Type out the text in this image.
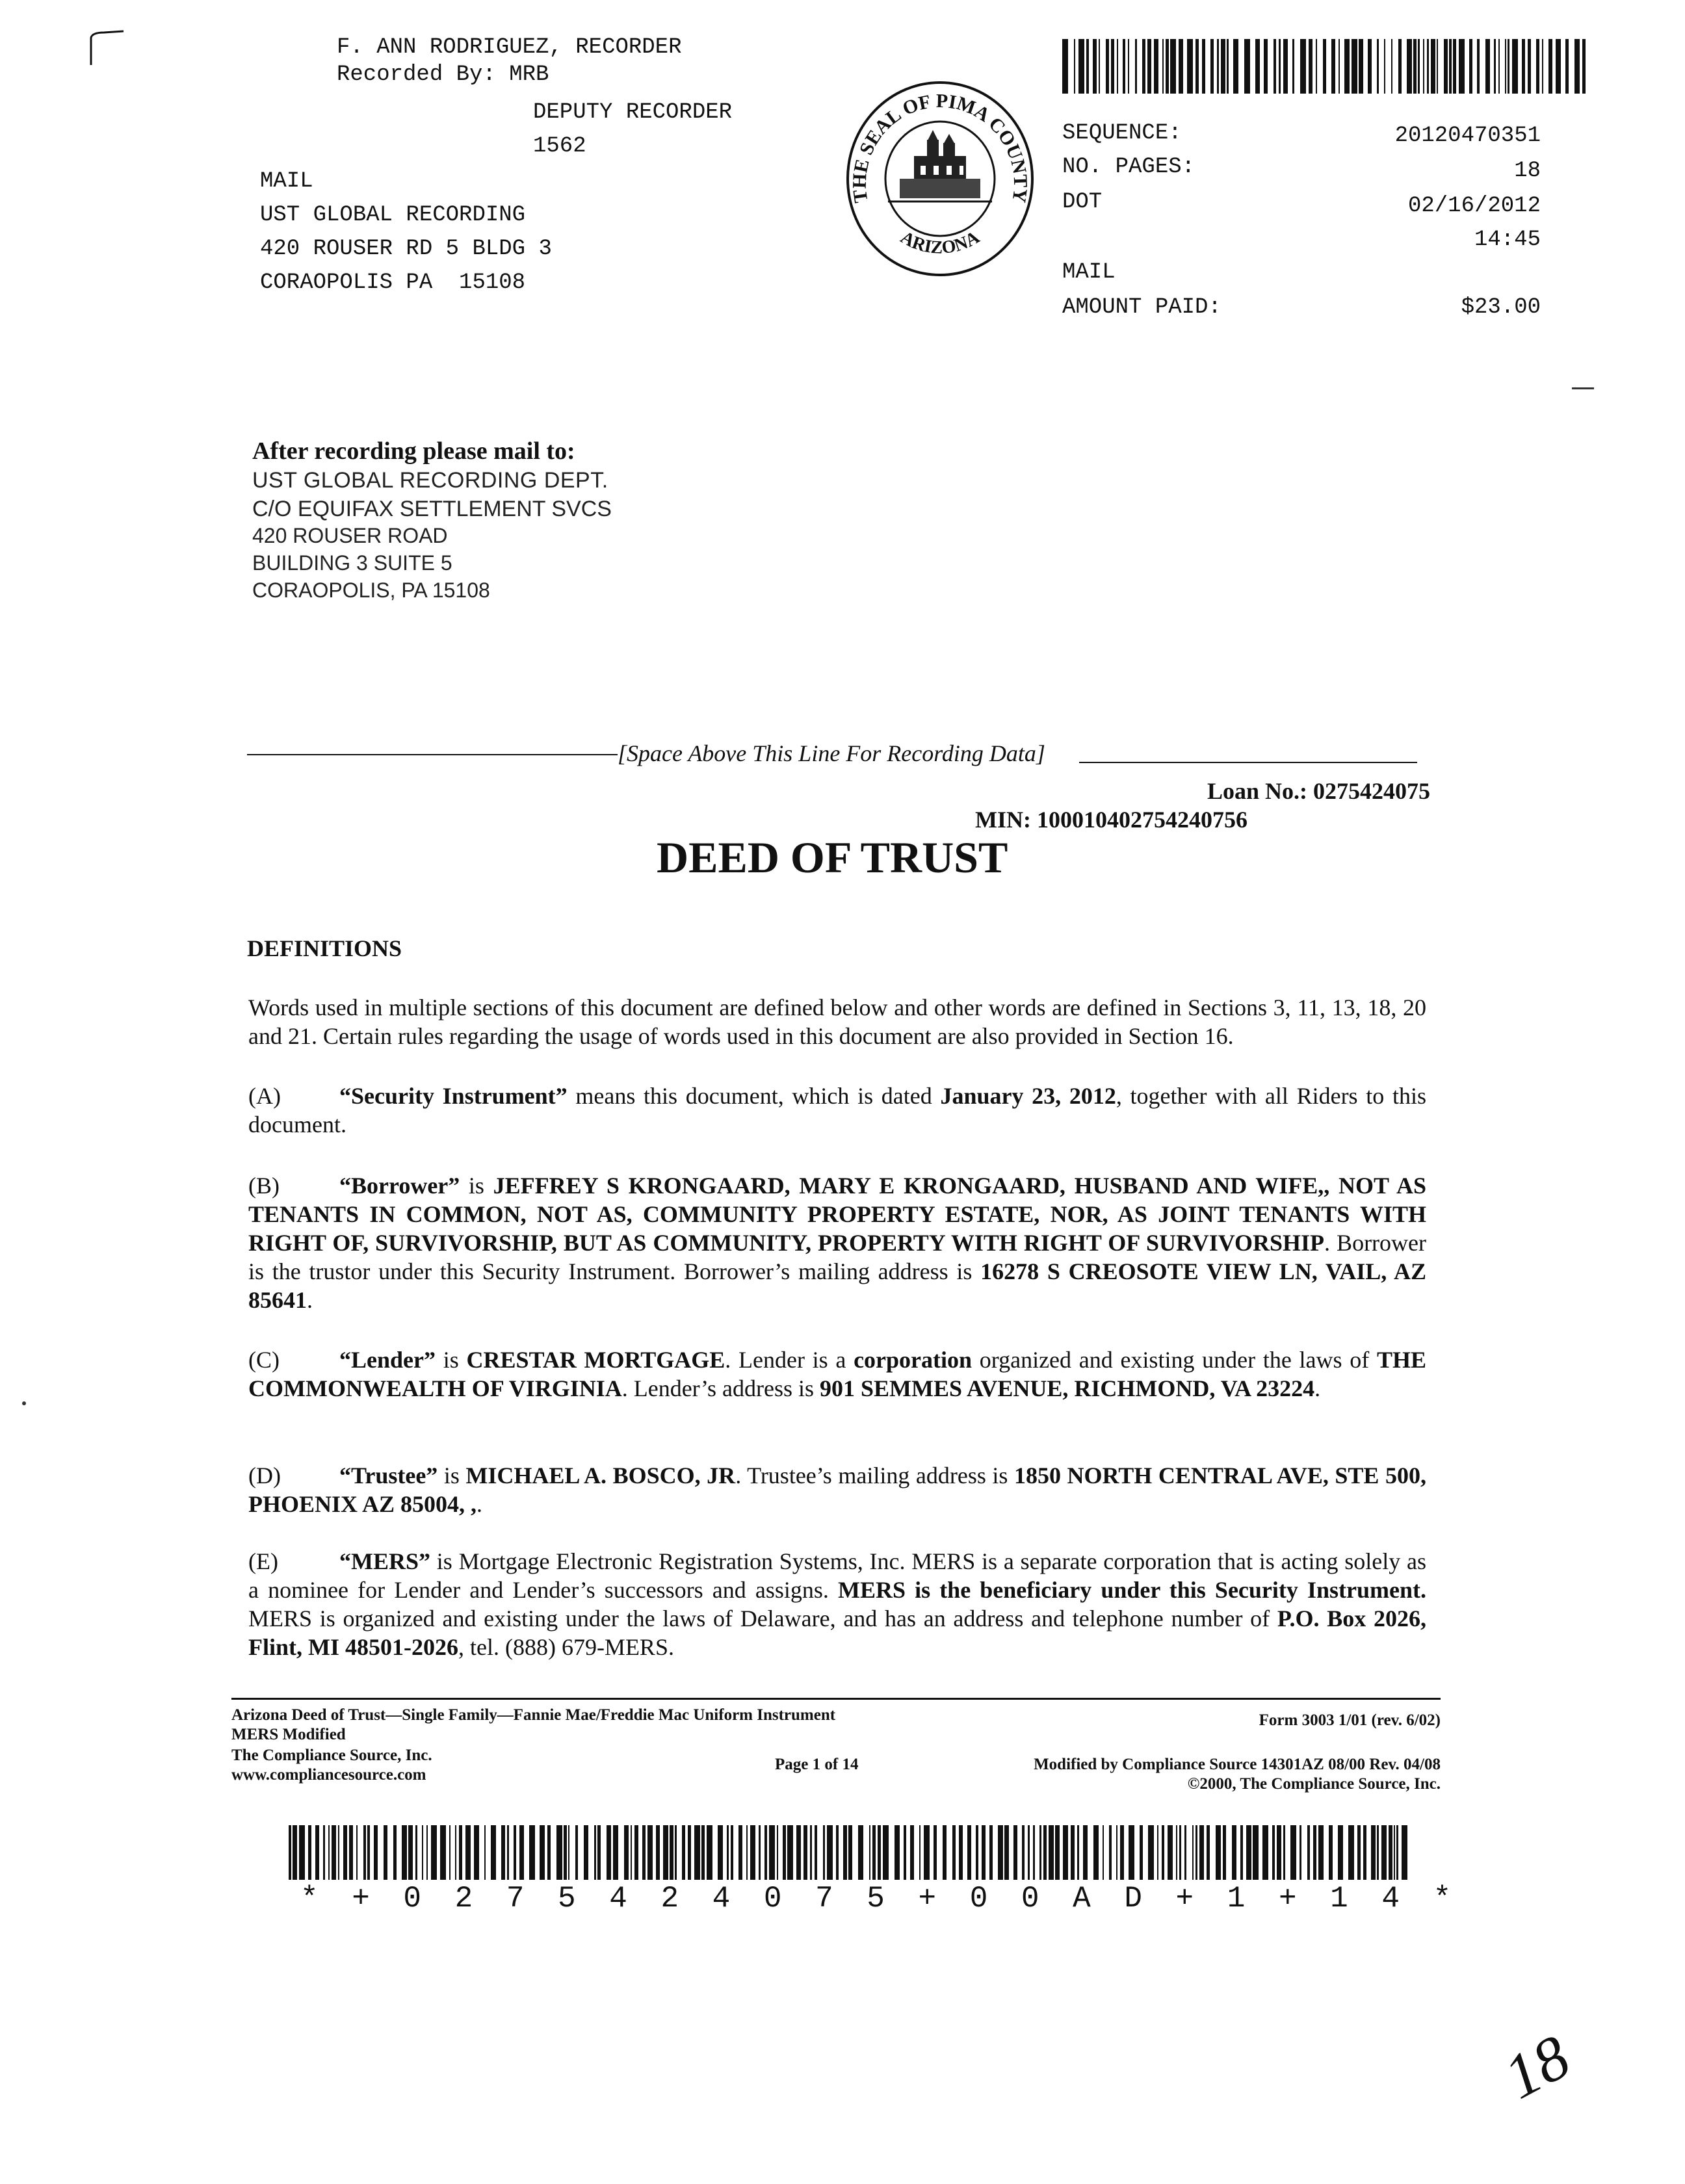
F. ANN RODRIGUEZ, RECORDER
Recorded By: MRB
DEPUTY RECORDER
1562
MAIL
UST GLOBAL RECORDING
420 ROUSER RD 5 BLDG 3
CORAOPOLIS PA  15108
THE SEAL OF PIMA COUNTY
ARIZONA
SEQUENCE:	20120470351
NO. PAGES:	18
DOT	02/16/2012
14:45
MAIL
AMOUNT PAID:	$23.00
After recording please mail to:
UST GLOBAL RECORDING DEPT.
C/O EQUIFAX SETTLEMENT SVCS
420 ROUSER ROAD
BUILDING 3 SUITE 5
CORAOPOLIS, PA 15108
[Space Above This Line For Recording Data]
Loan No.: 0275424075
MIN: 100010402754240756
DEED OF TRUST
DEFINITIONS

Words used in multiple sections of this document are defined below and other words are defined in Sections 3, 11, 13, 18, 20 and 21. Certain rules regarding the usage of words used in this document are also provided in Section 16.

(A)	“Security Instrument” means this document, which is dated January 23, 2012, together with all Riders to this document.

(B)	“Borrower” is JEFFREY S KRONGAARD, MARY E KRONGAARD, HUSBAND AND WIFE,, NOT AS TENANTS IN COMMON, NOT AS, COMMUNITY PROPERTY ESTATE, NOR, AS JOINT TENANTS WITH RIGHT OF, SURVIVORSHIP, BUT AS COMMUNITY, PROPERTY WITH RIGHT OF SURVIVORSHIP. Borrower is the trustor under this Security Instrument. Borrower’s mailing address is 16278 S CREOSOTE VIEW LN, VAIL, AZ 85641.

(C)	“Lender” is CRESTAR MORTGAGE. Lender is a corporation organized and existing under the laws of THE COMMONWEALTH OF VIRGINIA. Lender’s address is 901 SEMMES AVENUE, RICHMOND, VA 23224.

(D)	“Trustee” is MICHAEL A. BOSCO, JR. Trustee’s mailing address is 1850 NORTH CENTRAL AVE, STE 500, PHOENIX AZ 85004, ,.

(E)	“MERS” is Mortgage Electronic Registration Systems, Inc. MERS is a separate corporation that is acting solely as a nominee for Lender and Lender’s successors and assigns. MERS is the beneficiary under this Security Instrument. MERS is organized and existing under the laws of Delaware, and has an address and telephone number of P.O. Box 2026, Flint, MI 48501-2026, tel. (888) 679-MERS.

Arizona Deed of Trust—Single Family—Fannie Mae/Freddie Mac Uniform Instrument	Form 3003 1/01 (rev. 6/02)
MERS Modified
The Compliance Source, Inc.
Page 1 of 14	Modified by Compliance Source 14301AZ 08/00 Rev. 04/08
www.compliancesource.com
©2000, The Compliance Source, Inc.
* + 0 2 7 5 4 2 4 0 7 5 + 0 0 A D + 1 + 1 4 *
18
